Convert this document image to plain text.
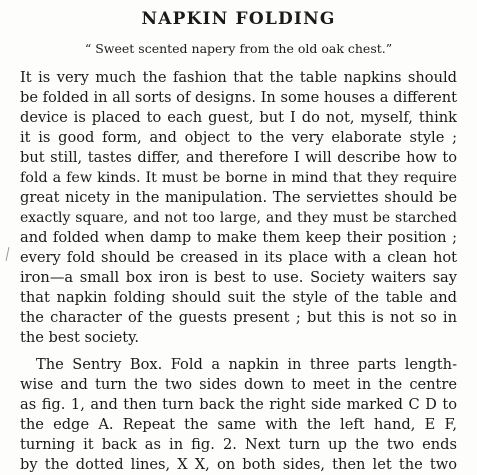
NAPKIN FOLDING
“ Sweet scented napery from the old oak chest.”
It is very much the fashion that the table napkins should
be folded in all sorts of designs. In some houses a different
device is placed to each guest, but I do not, myself, think
it is good form, and object to the very elaborate style ;
but still, tastes differ, and therefore I will describe how to
fold a few kinds. It must be borne in mind that they require
great nicety in the manipulation. The serviettes should be
exactly square, and not too large, and they must be starched
and folded when damp to make them keep their position ;
every fold should be creased in its place with a clean hot
iron—a small box iron is best to use. Society waiters say
that napkin folding should suit the style of the table and
the character of the guests present ; but this is not so in
the best society.
The Sentry Box. Fold a napkin in three parts length-
wise and turn the two sides down to meet in the centre
as fig. 1, and then turn back the right side marked C D to
the edge A. Repeat the same with the left hand, E F,
turning it back as in fig. 2. Next turn up the two ends
by the dotted lines, X X, on both sides, then let the two
